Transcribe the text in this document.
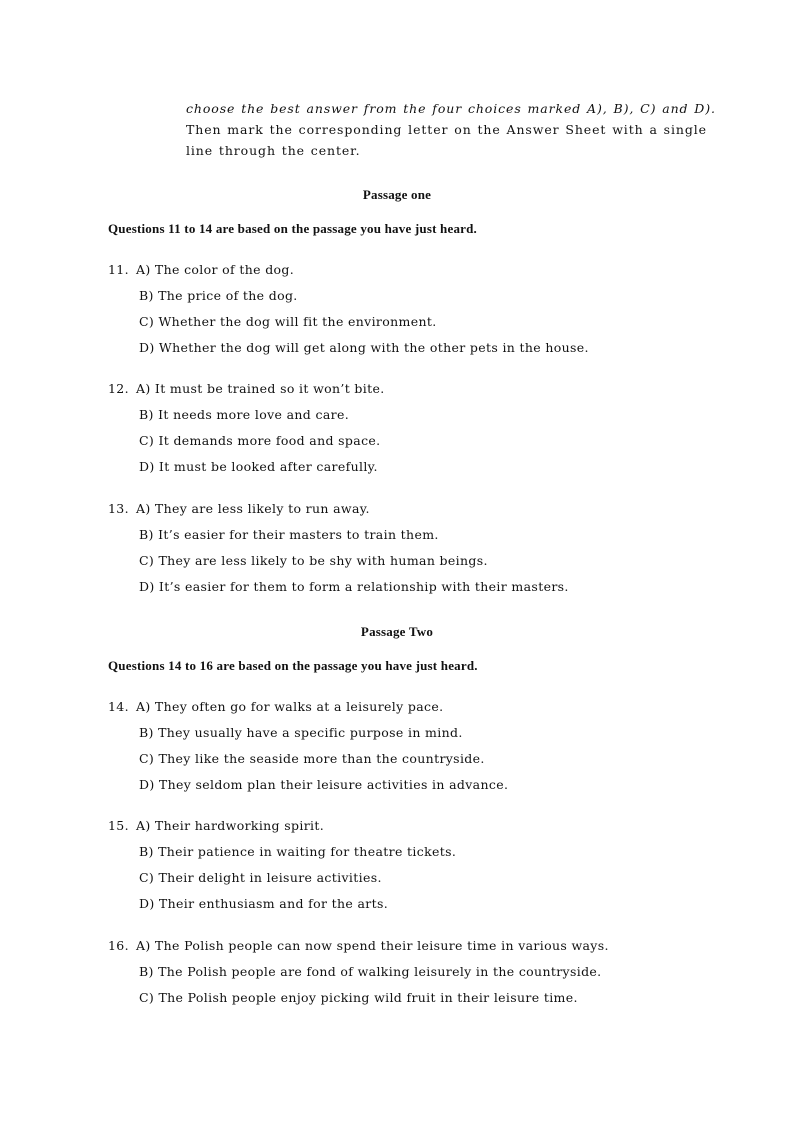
choose the best answer from the four choices marked A), B), C) and D).
Then mark the corresponding letter on the Answer Sheet with a single
line through the center.
Passage one
Questions 11 to 14 are based on the passage you have just heard.
11. A) The color of the dog.
B) The price of the dog.
C) Whether the dog will fit the environment.
D) Whether the dog will get along with the other pets in the house.
12. A) It must be trained so it won’t bite.
B) It needs more love and care.
C) It demands more food and space.
D) It must be looked after carefully.
13. A) They are less likely to run away.
B) It’s easier for their masters to train them.
C) They are less likely to be shy with human beings.
D) It’s easier for them to form a relationship with their masters.
Passage Two
Questions 14 to 16 are based on the passage you have just heard.
14. A) They often go for walks at a leisurely pace.
B) They usually have a specific purpose in mind.
C) They like the seaside more than the countryside.
D) They seldom plan their leisure activities in advance.
15. A) Their hardworking spirit.
B) Their patience in waiting for theatre tickets.
C) Their delight in leisure activities.
D) Their enthusiasm and for the arts.
16. A) The Polish people can now spend their leisure time in various ways.
B) The Polish people are fond of walking leisurely in the countryside.
C) The Polish people enjoy picking wild fruit in their leisure time.
